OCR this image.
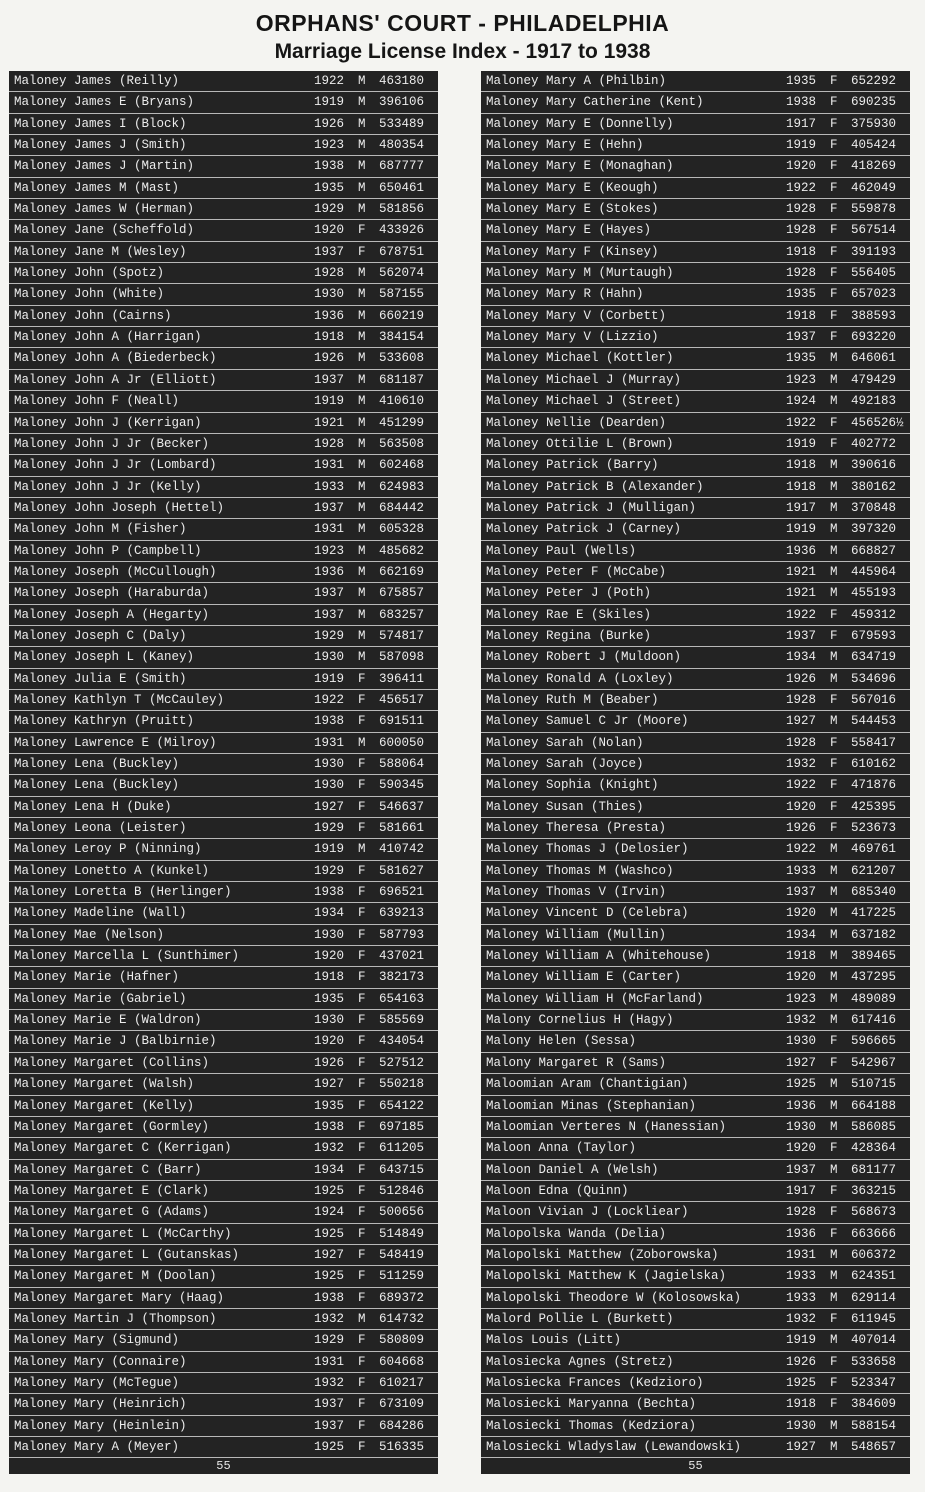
ORPHANS' COURT - PHILADELPHIA
Marriage License Index - 1917 to 1938
Maloney James (Reilly)	1922 M 463180
Maloney James E (Bryans)	1919 M 396106
Maloney James I (Block)	1926 M 533489
Maloney James J (Smith)	1923 M 480354
Maloney James J (Martin)	1938 M 687777
Maloney James M (Mast)	1935 M 650461
Maloney James W (Herman)	1929 M 581856
Maloney Jane (Scheffold)	1920 F 433926
Maloney Jane M (Wesley)	1937 F 678751
Maloney John (Spotz)	1928 M 562074
Maloney John (White)	1930 M 587155
Maloney John (Cairns)	1936 M 660219
Maloney John A (Harrigan)	1918 M 384154
Maloney John A (Biederbeck)	1926 M 533608
Maloney John A Jr (Elliott)	1937 M 681187
Maloney John F (Neall)	1919 M 410610
Maloney John J (Kerrigan)	1921 M 451299
Maloney John J Jr (Becker)	1928 M 563508
Maloney John J Jr (Lombard)	1931 M 602468
Maloney John J Jr (Kelly)	1933 M 624983
Maloney John Joseph (Hettel)	1937 M 684442
Maloney John M (Fisher)	1931 M 605328
Maloney John P (Campbell)	1923 M 485682
Maloney Joseph (McCullough)	1936 M 662169
Maloney Joseph (Haraburda)	1937 M 675857
Maloney Joseph A (Hegarty)	1937 M 683257
Maloney Joseph C (Daly)	1929 M 574817
Maloney Joseph L (Kaney)	1930 M 587098
Maloney Julia E (Smith)	1919 F 396411
Maloney Kathlyn T (McCauley)	1922 F 456517
Maloney Kathryn (Pruitt)	1938 F 691511
Maloney Lawrence E (Milroy)	1931 M 600050
Maloney Lena (Buckley)	1930 F 588064
Maloney Lena (Buckley)	1930 F 590345
Maloney Lena H (Duke)	1927 F 546637
Maloney Leona (Leister)	1929 F 581661
Maloney Leroy P (Ninning)	1919 M 410742
Maloney Lonetto A (Kunkel)	1929 F 581627
Maloney Loretta B (Herlinger)	1938 F 696521
Maloney Madeline (Wall)	1934 F 639213
Maloney Mae (Nelson)	1930 F 587793
Maloney Marcella L (Sunthimer)	1920 F 437021
Maloney Marie (Hafner)	1918 F 382173
Maloney Marie (Gabriel)	1935 F 654163
Maloney Marie E (Waldron)	1930 F 585569
Maloney Marie J (Balbirnie)	1920 F 434054
Maloney Margaret (Collins)	1926 F 527512
Maloney Margaret (Walsh)	1927 F 550218
Maloney Margaret (Kelly)	1935 F 654122
Maloney Margaret (Gormley)	1938 F 697185
Maloney Margaret C (Kerrigan)	1932 F 611205
Maloney Margaret C (Barr)	1934 F 643715
Maloney Margaret E (Clark)	1925 F 512846
Maloney Margaret G (Adams)	1924 F 500656
Maloney Margaret L (McCarthy)	1925 F 514849
Maloney Margaret L (Gutanskas)	1927 F 548419
Maloney Margaret M (Doolan)	1925 F 511259
Maloney Margaret Mary (Haag)	1938 F 689372
Maloney Martin J (Thompson)	1932 M 614732
Maloney Mary (Sigmund)	1929 F 580809
Maloney Mary (Connaire)	1931 F 604668
Maloney Mary (McTegue)	1932 F 610217
Maloney Mary (Heinrich)	1937 F 673109
Maloney Mary (Heinlein)	1937 F 684286
Maloney Mary A (Meyer)	1925 F 516335
55
Maloney Mary A (Philbin)	1935 F 652292
Maloney Mary Catherine (Kent)	1938 F 690235
Maloney Mary E (Donnelly)	1917 F 375930
Maloney Mary E (Hehn)	1919 F 405424
Maloney Mary E (Monaghan)	1920 F 418269
Maloney Mary E (Keough)	1922 F 462049
Maloney Mary E (Stokes)	1928 F 559878
Maloney Mary E (Hayes)	1928 F 567514
Maloney Mary F (Kinsey)	1918 F 391193
Maloney Mary M (Murtaugh)	1928 F 556405
Maloney Mary R (Hahn)	1935 F 657023
Maloney Mary V (Corbett)	1918 F 388593
Maloney Mary V (Lizzio)	1937 F 693220
Maloney Michael (Kottler)	1935 M 646061
Maloney Michael J (Murray)	1923 M 479429
Maloney Michael J (Street)	1924 M 492183
Maloney Nellie (Dearden)	1922 F 456526½
Maloney Ottilie L (Brown)	1919 F 402772
Maloney Patrick (Barry)	1918 M 390616
Maloney Patrick B (Alexander)	1918 M 380162
Maloney Patrick J (Mulligan)	1917 M 370848
Maloney Patrick J (Carney)	1919 M 397320
Maloney Paul (Wells)	1936 M 668827
Maloney Peter F (McCabe)	1921 M 445964
Maloney Peter J (Poth)	1921 M 455193
Maloney Rae E (Skiles)	1922 F 459312
Maloney Regina (Burke)	1937 F 679593
Maloney Robert J (Muldoon)	1934 M 634719
Maloney Ronald A (Loxley)	1926 M 534696
Maloney Ruth M (Beaber)	1928 F 567016
Maloney Samuel C Jr (Moore)	1927 M 544453
Maloney Sarah (Nolan)	1928 F 558417
Maloney Sarah (Joyce)	1932 F 610162
Maloney Sophia (Knight)	1922 F 471876
Maloney Susan (Thies)	1920 F 425395
Maloney Theresa (Presta)	1926 F 523673
Maloney Thomas J (Delosier)	1922 M 469761
Maloney Thomas M (Washco)	1933 M 621207
Maloney Thomas V (Irvin)	1937 M 685340
Maloney Vincent D (Celebra)	1920 M 417225
Maloney William (Mullin)	1934 M 637182
Maloney William A (Whitehouse)	1918 M 389465
Maloney William E (Carter)	1920 M 437295
Maloney William H (McFarland)	1923 M 489089
Malony Cornelius H (Hagy)	1932 M 617416
Malony Helen (Sessa)	1930 F 596665
Malony Margaret R (Sams)	1927 F 542967
Maloomian Aram (Chantigian)	1925 M 510715
Maloomian Minas (Stephanian)	1936 M 664188
Maloomian Verteres N (Hanessian)	1930 M 586085
Maloon Anna (Taylor)	1920 F 428364
Maloon Daniel A (Welsh)	1937 M 681177
Maloon Edna (Quinn)	1917 F 363215
Maloon Vivian J (Lockliear)	1928 F 568673
Malopolska Wanda (Delia)	1936 F 663666
Malopolski Matthew (Zoborowska)	1931 M 606372
Malopolski Matthew K (Jagielska)	1933 M 624351
Malopolski Theodore W (Kolosowska)	1933 M 629114
Malord Pollie L (Burkett)	1932 F 611945
Malos Louis (Litt)	1919 M 407014
Malosiecka Agnes (Stretz)	1926 F 533658
Malosiecka Frances (Kedzioro)	1925 F 523347
Malosiecki Maryanna (Bechta)	1918 F 384609
Malosiecki Thomas (Kedziora)	1930 M 588154
Malosiecki Wladyslaw (Lewandowski)	1927 M 548657
55
